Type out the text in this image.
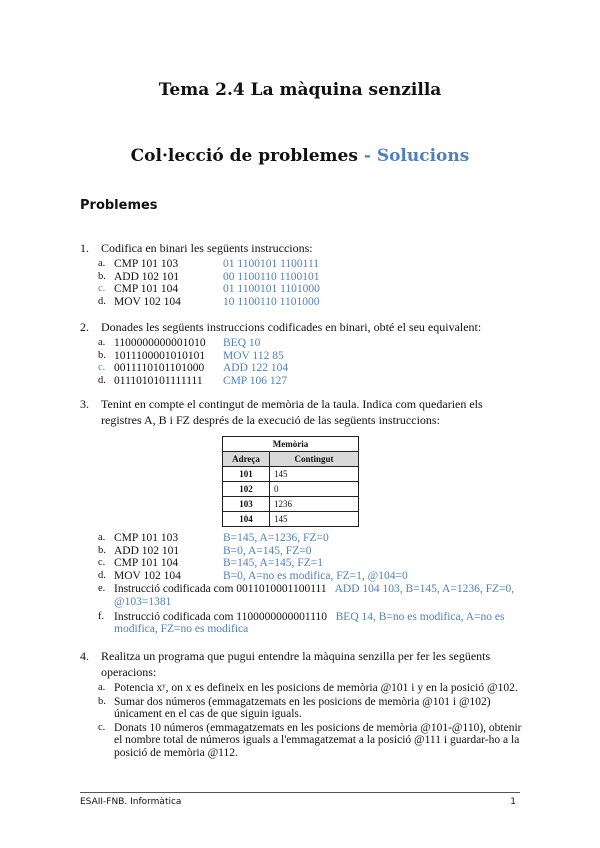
Tema 2.4 La màquina senzilla
Col·lecció de problemes - Solucions
Problemes
1. Codifica en binari les següents instruccions:
a. CMP 101 103	01 1100101 1100111
b. ADD 102 101	00 1100110 1100101
c. CMP 101 104	01 1100101 1101000
d. MOV 102 104	10 1100110 1101000
2. Donades les següents instruccions codificades en binari, obté el seu equivalent:
a. 1100000000001010 BEQ 10
b. 1011100001010101 MOV 112 85
c. 0011110101101000 ADD 122 104
d. 0111010101111111 CMP 106 127
3. Tenint en compte el contingut de memòria de la taula. Indica com quedarien els registres A, B i FZ després de la execució de las següents instruccions:
Memòria	
Adreça	Contingut
101	145
102	0
103	1236
104	145
a. CMP 101 103	B=145, A=1236, FZ=0
b. ADD 102 101	B=0, A=145, FZ=0
c. CMP 101 104	B=145, A=145, FZ=1
d. MOV 102 104	B=0, A=no es modifica, FZ=1, @104=0
e. Instrucció codificada com 0011010001100111 ADD 104 103, B=145, A=1236, FZ=0, @103=1381
f. Instrucció codificada com 1100000000001110 BEQ 14, B=no es modifica, A=no es modifica, FZ=no es modifica
4. Realitza un programa que pugui entendre la màquina senzilla per fer les següents operacions:
a. Potencia xʸ, on x es defineix en les posicions de memòria @101 i y en la posició @102.
b. Sumar dos números (emmagatzemats en les posicions de memòria @101 i @102) únicament en el cas de que siguin iguals.
c. Donats 10 números (emmagatzemats en les posicions de memòria @101-@110), obtenir el nombre total de números iguals a l'emmagatzemat a la posició @111 i guardar-ho a la posició de memòria @112.
ESAII-FNB. Informàtica	1
